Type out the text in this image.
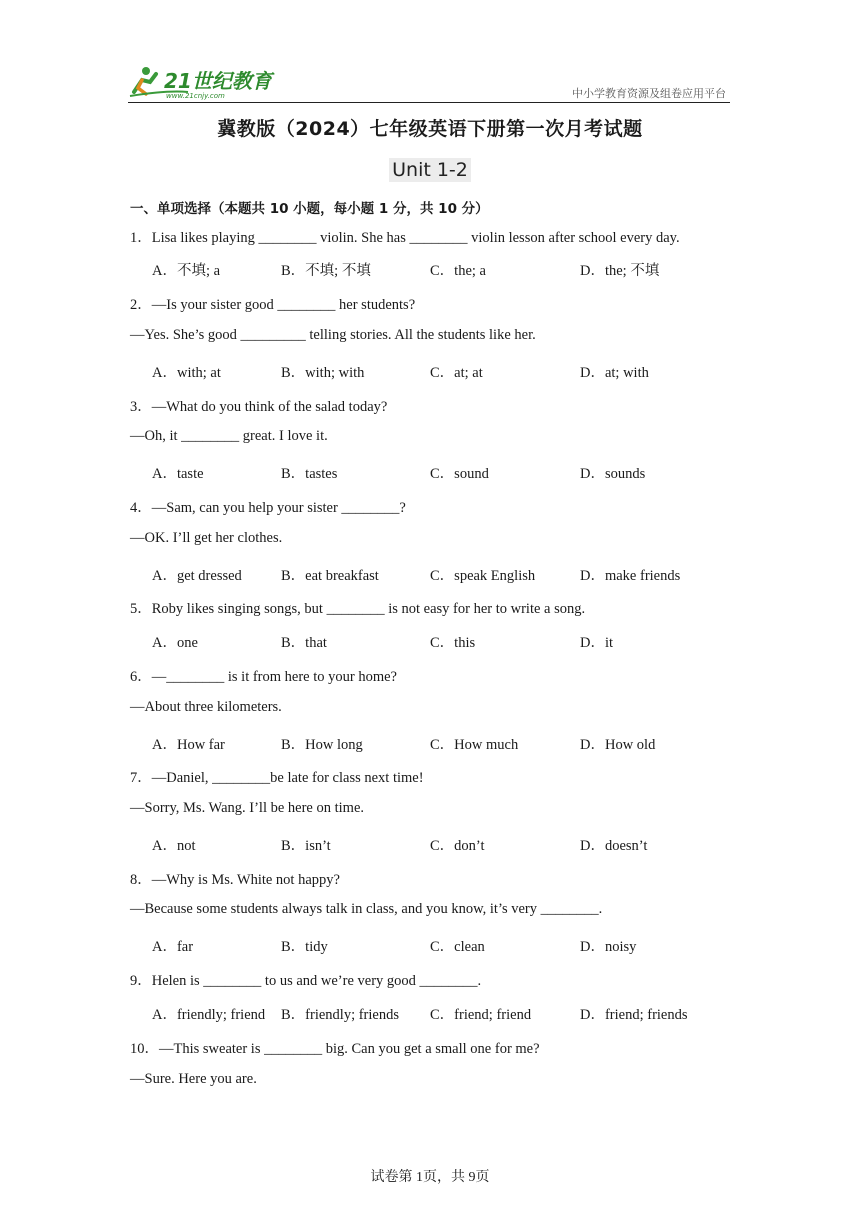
21世纪教育
www.21cnjy.com	中小学教育资源及组卷应用平台
冀教版（2024）七年级英语下册第一次月考试题
Unit 1-2
一、单项选择（本题共 10 小题，每小题 1 分，共 10 分）
1．Lisa likes playing ________ violin. She has ________ violin lesson after school every day.
A．不填; a	B．不填; 不填	C．the; a	D．the; 不填
2．—Is your sister good ________ her students?
—Yes. She’s good _________ telling stories. All the students like her.
A．with; at	B．with; with	C．at; at	D．at; with
3．—What do you think of the salad today?
—Oh, it ________ great. I love it.
A．taste	B．tastes	C．sound	D．sounds
4．—Sam, can you help your sister ________?
—OK. I’ll get her clothes.
A．get dressed	B．eat breakfast	C．speak English	D．make friends
5．Roby likes singing songs, but ________ is not easy for her to write a song.
A．one	B．that	C．this	D．it
6．—________ is it from here to your home?
—About three kilometers.
A．How far	B．How long	C．How much	D．How old
7．—Daniel, ________be late for class next time!
—Sorry, Ms. Wang. I’ll be here on time.
A．not	B．isn’t	C．don’t	D．doesn’t
8．—Why is Ms. White not happy?
—Because some students always talk in class, and you know, it’s very ________.
A．far	B．tidy	C．clean	D．noisy
9．Helen is ________ to us and we’re very good ________.
A．friendly; friend B．friendly; friends C．friend; friend	D．friend; friends
10．—This sweater is ________ big. Can you get a small one for me?
—Sure. Here you are.
试卷第 1页，共 9页
